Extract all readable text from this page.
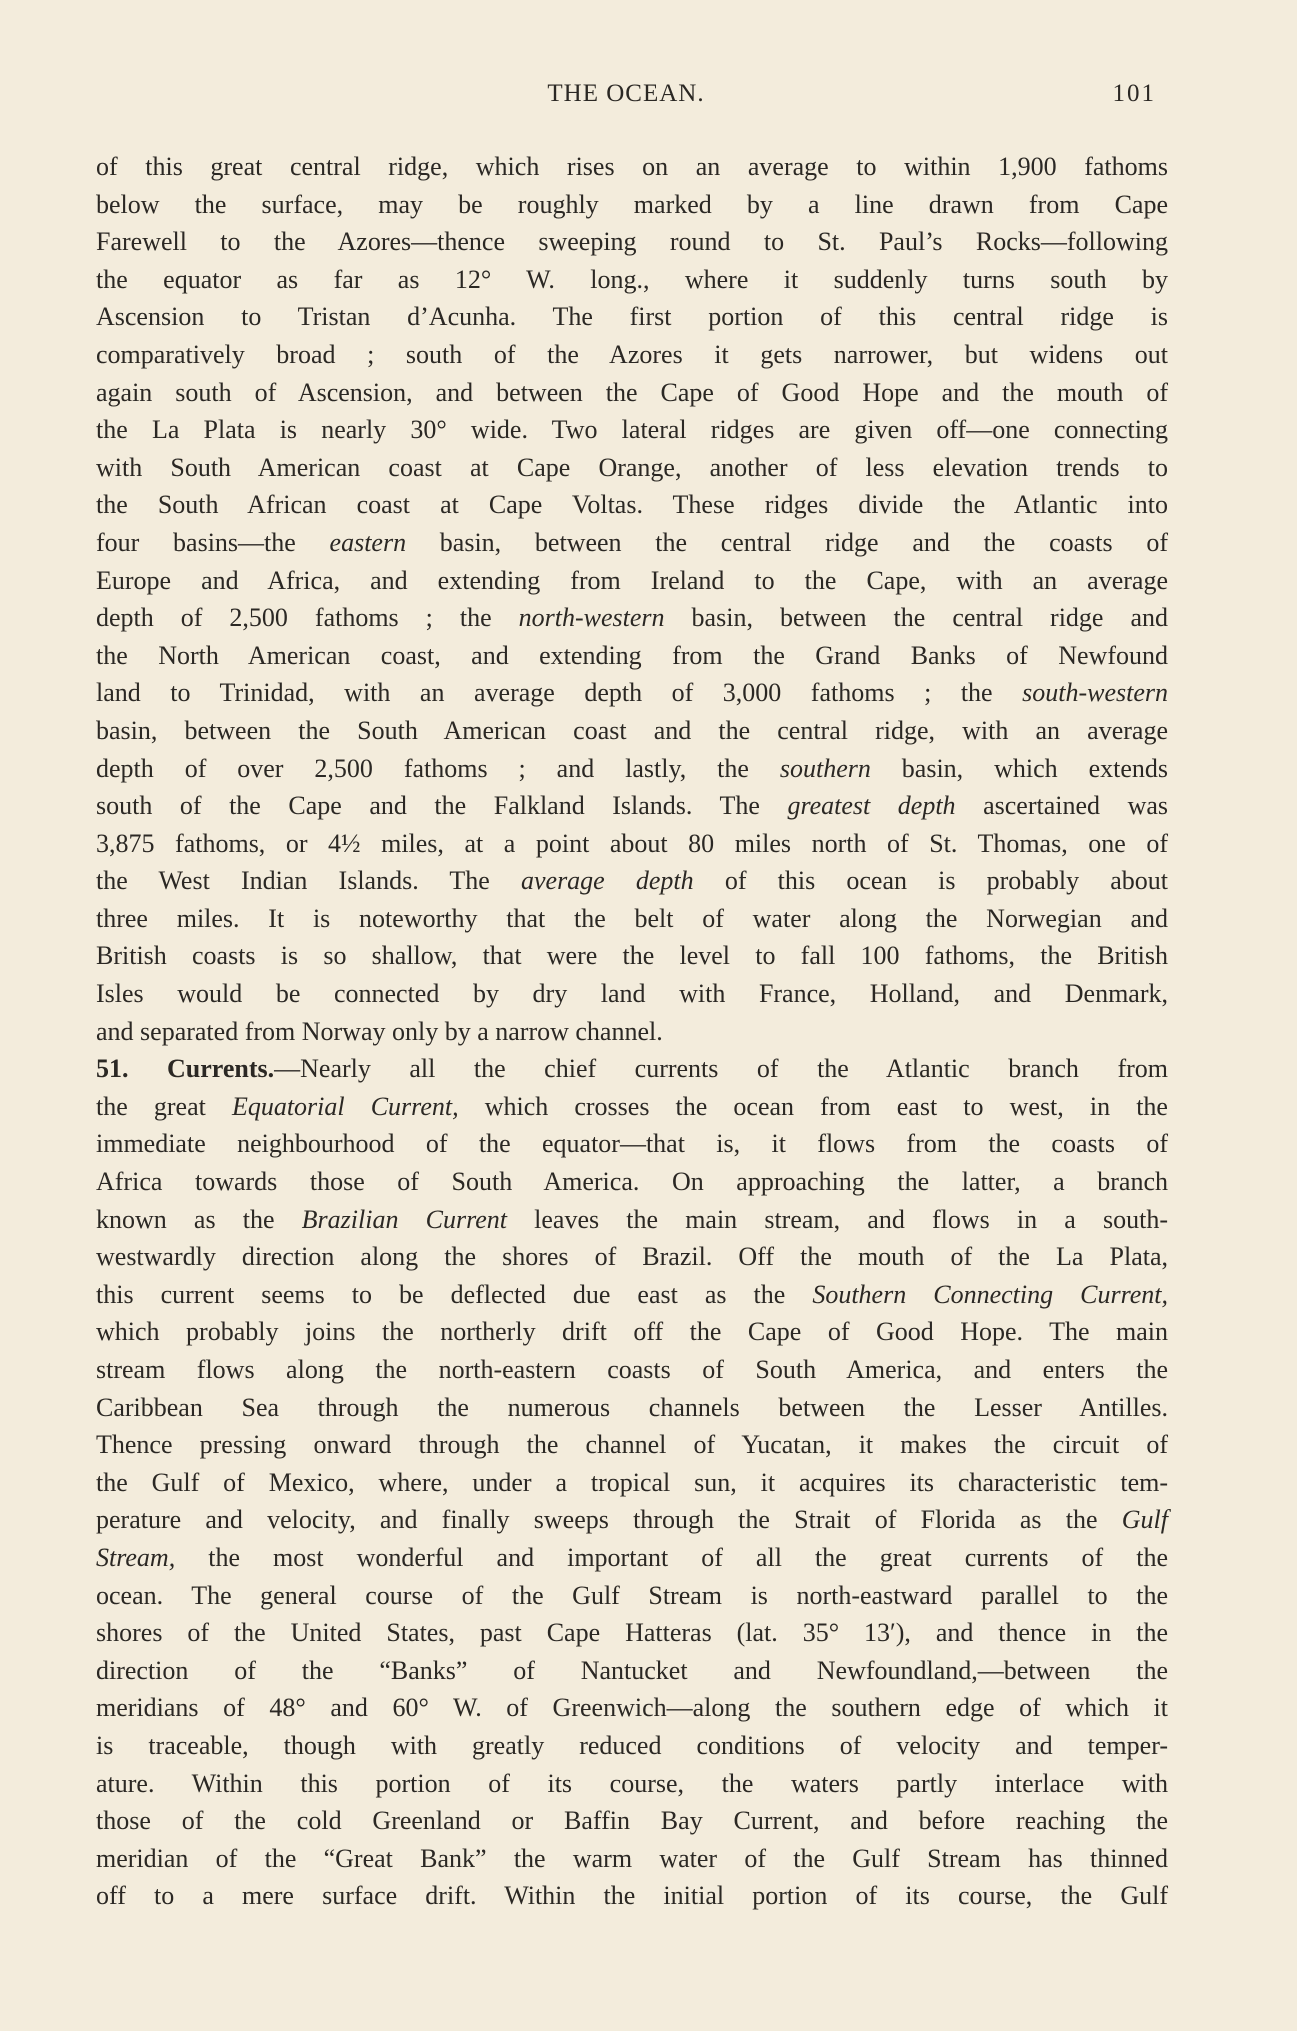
THE OCEAN.	101
of this great central ridge, which rises on an average to within 1,900 fathoms
below the surface, may be roughly marked by a line drawn from Cape
Farewell to the Azores—thence sweeping round to St. Paul’s Rocks—following
the equator as far as 12° W. long., where it suddenly turns south by
Ascension to Tristan d’Acunha. The first portion of this central ridge is
comparatively broad ; south of the Azores it gets narrower, but widens out
again south of Ascension, and between the Cape of Good Hope and the mouth of
the La Plata is nearly 30° wide. Two lateral ridges are given off—one connecting
with South American coast at Cape Orange, another of less elevation trends to
the South African coast at Cape Voltas. These ridges divide the Atlantic into
four basins—the eastern basin, between the central ridge and the coasts of
Europe and Africa, and extending from Ireland to the Cape, with an average
depth of 2,500 fathoms ; the north-western basin, between the central ridge and
the North American coast, and extending from the Grand Banks of Newfound
land to Trinidad, with an average depth of 3,000 fathoms ; the south-western
basin, between the South American coast and the central ridge, with an average
depth of over 2,500 fathoms ; and lastly, the southern basin, which extends
south of the Cape and the Falkland Islands. The greatest depth ascertained was
3,875 fathoms, or 4½ miles, at a point about 80 miles north of St. Thomas, one of
the West Indian Islands. The average depth of this ocean is probably about
three miles. It is noteworthy that the belt of water along the Norwegian and
British coasts is so shallow, that were the level to fall 100 fathoms, the British
Isles would be connected by dry land with France, Holland, and Denmark,
and separated from Norway only by a narrow channel.
51. Currents.—Nearly all the chief currents of the Atlantic branch from
the great Equatorial Current, which crosses the ocean from east to west, in the
immediate neighbourhood of the equator—that is, it flows from the coasts of
Africa towards those of South America. On approaching the latter, a branch
known as the Brazilian Current leaves the main stream, and flows in a south-
westwardly direction along the shores of Brazil. Off the mouth of the La Plata,
this current seems to be deflected due east as the Southern Connecting Current,
which probably joins the northerly drift off the Cape of Good Hope. The main
stream flows along the north-eastern coasts of South America, and enters the
Caribbean Sea through the numerous channels between the Lesser Antilles.
Thence pressing onward through the channel of Yucatan, it makes the circuit of
the Gulf of Mexico, where, under a tropical sun, it acquires its characteristic tem-
perature and velocity, and finally sweeps through the Strait of Florida as the Gulf
Stream, the most wonderful and important of all the great currents of the
ocean. The general course of the Gulf Stream is north-eastward parallel to the
shores of the United States, past Cape Hatteras (lat. 35° 13′), and thence in the
direction of the “Banks” of Nantucket and Newfoundland,—between the
meridians of 48° and 60° W. of Greenwich—along the southern edge of which it
is traceable, though with greatly reduced conditions of velocity and temper-
ature. Within this portion of its course, the waters partly interlace with
those of the cold Greenland or Baffin Bay Current, and before reaching the
meridian of the “Great Bank” the warm water of the Gulf Stream has thinned
off to a mere surface drift. Within the initial portion of its course, the Gulf
